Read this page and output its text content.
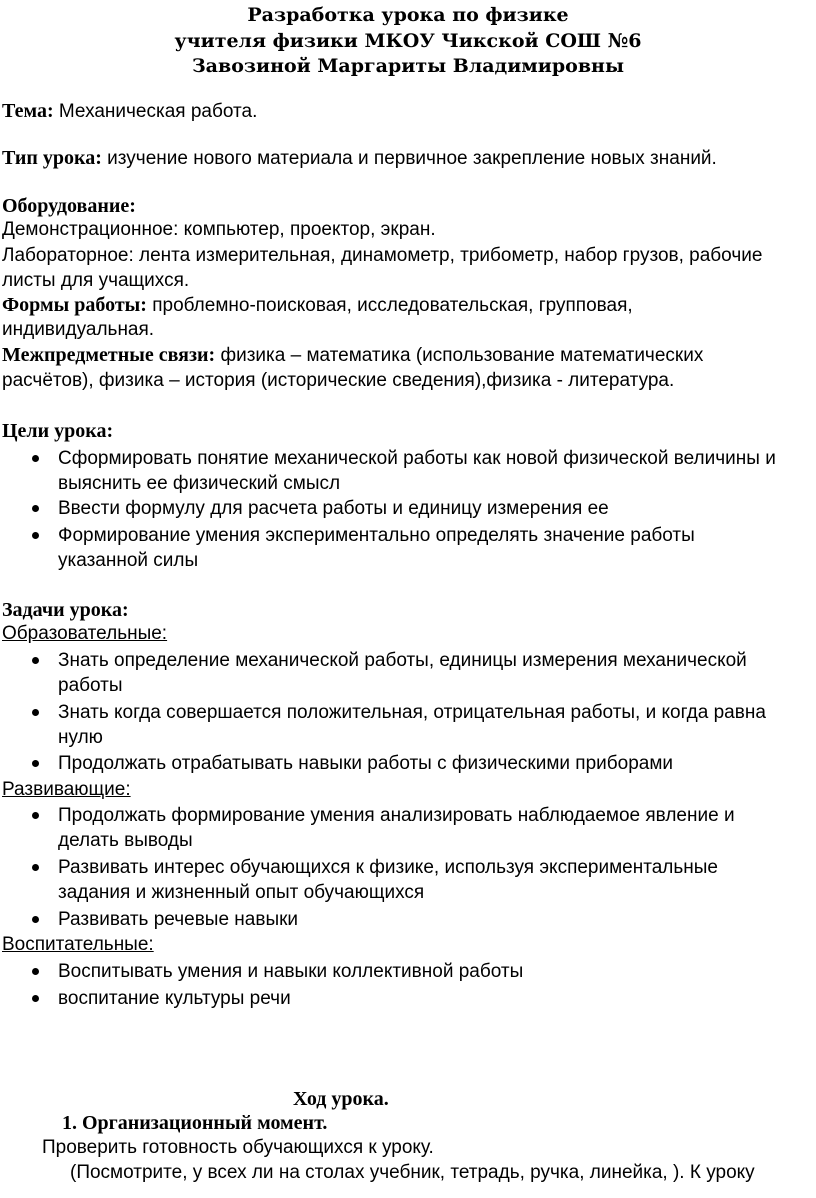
Разработка урока по физике
учителя физики МКОУ Чикской СОШ №6
Завозиной Маргариты Владимировны
Тема: Механическая работа.
Тип урока: изучение нового материала и первичное закрепление новых знаний.
Оборудование:
Демонстрационное: компьютер, проектор, экран.
Лабораторное: лента измерительная, динамометр, трибометр, набор грузов, рабочие
листы для учащихся.
Формы работы: проблемно-поисковая, исследовательская, групповая,
индивидуальная.
Межпредметные связи: физика – математика (использование математических
расчётов), физика – история (исторические сведения),физика - литература.
Цели урока:
Сформировать понятие механической работы как новой физической величины и
выяснить ее физический смысл
Ввести формулу для расчета работы и единицу измерения ее
Формирование умения экспериментально определять значение работы
указанной силы
Задачи урока:
Образовательные:
Знать определение механической работы, единицы измерения механической
работы
Знать когда совершается положительная, отрицательная работы, и когда равна
нулю
Продолжать отрабатывать навыки работы с физическими приборами
Развивающие:
Продолжать формирование умения анализировать наблюдаемое явление и
делать выводы
Развивать интерес обучающихся к физике, используя экспериментальные
задания и жизненный опыт обучающихся
Развивать речевые навыки
Воспитательные:
Воспитывать умения и навыки коллективной работы
воспитание культуры речи
Ход урока.
1. Организационный момент.
Проверить готовность обучающихся к уроку.
(Посмотрите, у всех ли на столах учебник, тетрадь, ручка, линейка, ). К уроку
